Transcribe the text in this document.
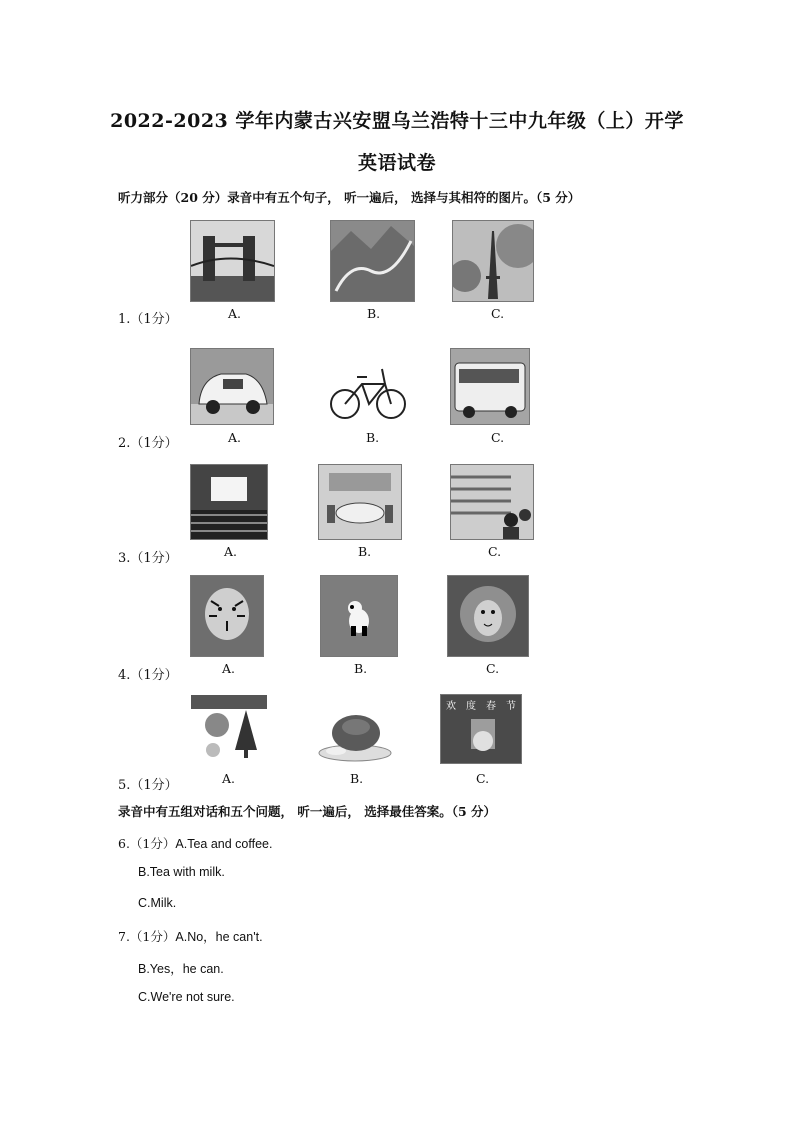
2022-2023 学年内蒙古兴安盟乌兰浩特十三中九年级（上）开学
英语试卷
听力部分（20 分）录音中有五个句子， 听一遍后， 选择与其相符的图片。（5 分）
1.（1分）	A.	B.	C.
2.（1分）	A.	B.	C.
3.（1分）	A.	B.	C.
4.（1分）	A.	B.	C.
欢 度 春 节
5.（1分）	A.	B.	C.
录音中有五组对话和五个问题， 听一遍后， 选择最佳答案。（5 分）
6.（1分）A.Tea and coffee.
B.Tea with milk.
C.Milk.
7.（1分）A.No，he can't.
B.Yes，he can.
C.We're not sure.
